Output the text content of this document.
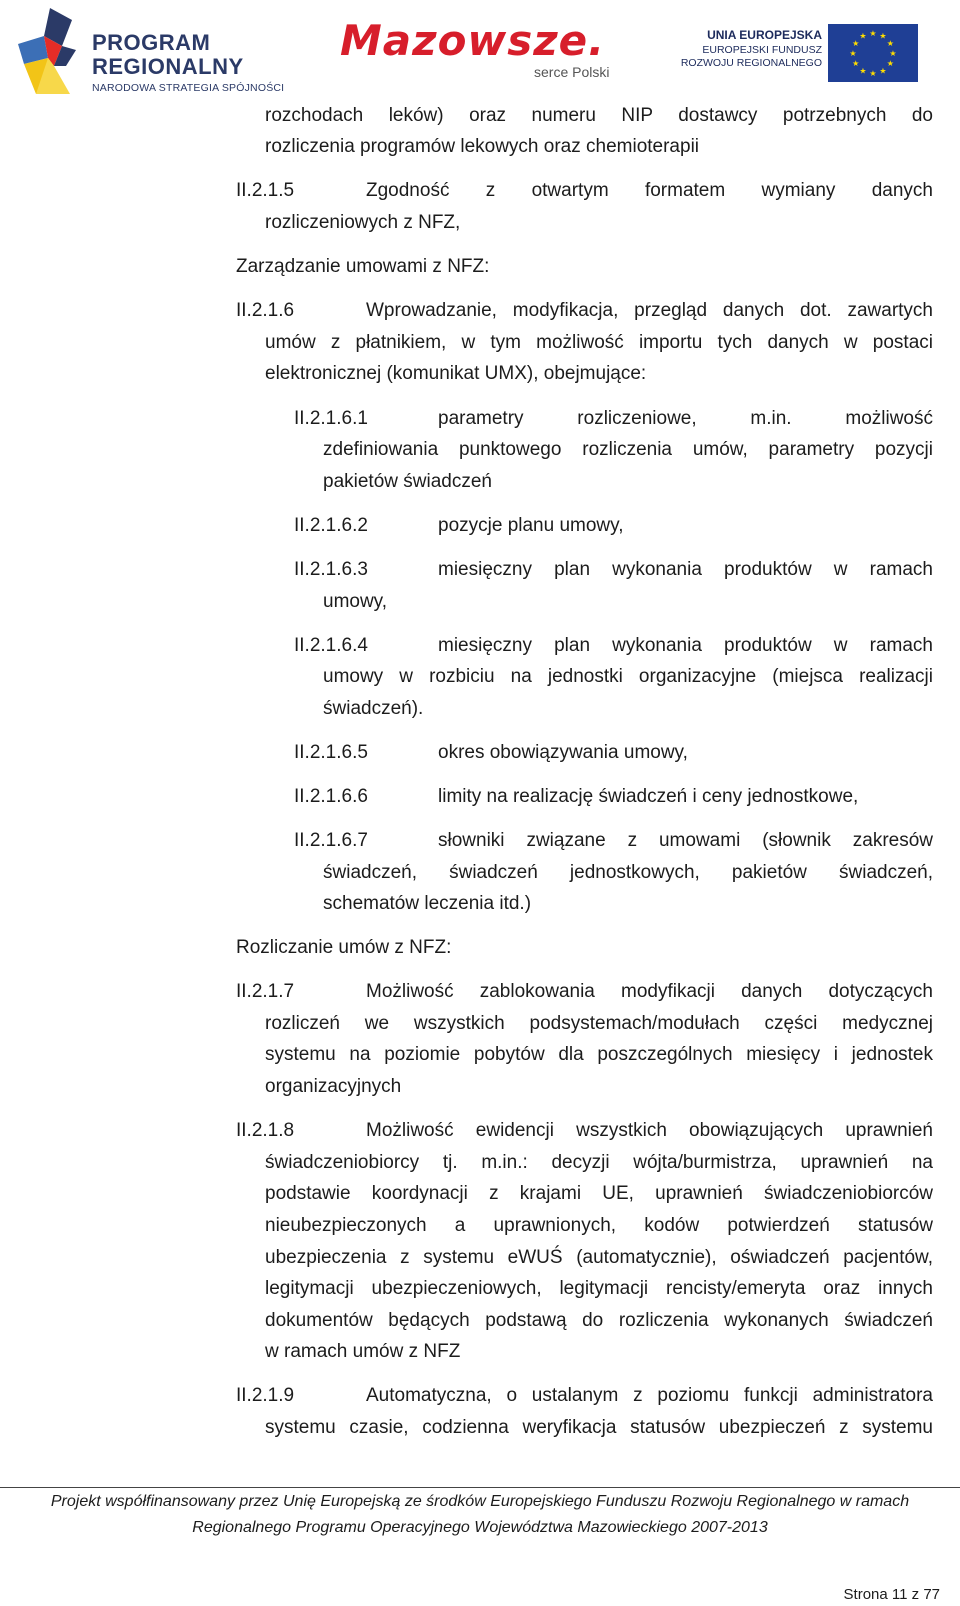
PROGRAM
REGIONALNY
NARODOWA STRATEGIA SPÓJNOŚCI
Mazowsze.
serce Polski
UNIA EUROPEJSKA
EUROPEJSKI FUNDUSZ
ROZWOJU REGIONALNEGO
★ ★
★
★
★
★
★
★
★
★
★
★
rozchodach leków) oraz numeru NIP dostawcy potrzebnych do
rozliczenia programów lekowych oraz chemioterapii
II.2.1.5	Zgodność z otwartym formatem wymiany danych
rozliczeniowych z NFZ,
Zarządzanie umowami z NFZ:
II.2.1.6	Wprowadzanie, modyfikacja, przegląd danych dot. zawartych
umów z płatnikiem, w tym możliwość importu tych danych w postaci
elektronicznej (komunikat UMX), obejmujące:
II.2.1.6.1	parametry rozliczeniowe, m.in. możliwość
zdefiniowania punktowego rozliczenia umów, parametry pozycji
pakietów świadczeń
II.2.1.6.2	pozycje planu umowy,
II.2.1.6.3	miesięczny plan wykonania produktów w ramach
umowy,
II.2.1.6.4	miesięczny plan wykonania produktów w ramach
umowy w rozbiciu na jednostki organizacyjne (miejsca realizacji
świadczeń).
II.2.1.6.5	okres obowiązywania umowy,
II.2.1.6.6	limity na realizację świadczeń i ceny jednostkowe,
II.2.1.6.7	słowniki związane z umowami (słownik zakresów
świadczeń, świadczeń jednostkowych, pakietów świadczeń,
schematów leczenia itd.)
Rozliczanie umów z NFZ:
II.2.1.7	Możliwość zablokowania modyfikacji danych dotyczących
rozliczeń we wszystkich podsystemach/modułach części medycznej
systemu na poziomie pobytów dla poszczególnych miesięcy i jednostek
organizacyjnych
II.2.1.8	Możliwość ewidencji wszystkich obowiązujących uprawnień
świadczeniobiorcy tj. m.in.: decyzji wójta/burmistrza, uprawnień na
podstawie koordynacji z krajami UE, uprawnień świadczeniobiorców
nieubezpieczonych a uprawnionych, kodów potwierdzeń statusów
ubezpieczenia z systemu eWUŚ (automatycznie), oświadczeń pacjentów,
legitymacji ubezpieczeniowych, legitymacji rencisty/emeryta oraz innych
dokumentów będących podstawą do rozliczenia wykonanych świadczeń
w ramach umów z NFZ
II.2.1.9	Automatyczna, o ustalanym z poziomu funkcji administratora
systemu czasie, codzienna weryfikacja statusów ubezpieczeń z systemu
Projekt współfinansowany przez Unię Europejską ze środków Europejskiego Funduszu Rozwoju Regionalnego w ramach
Regionalnego Programu Operacyjnego Województwa Mazowieckiego 2007-2013
Strona 11 z 77
